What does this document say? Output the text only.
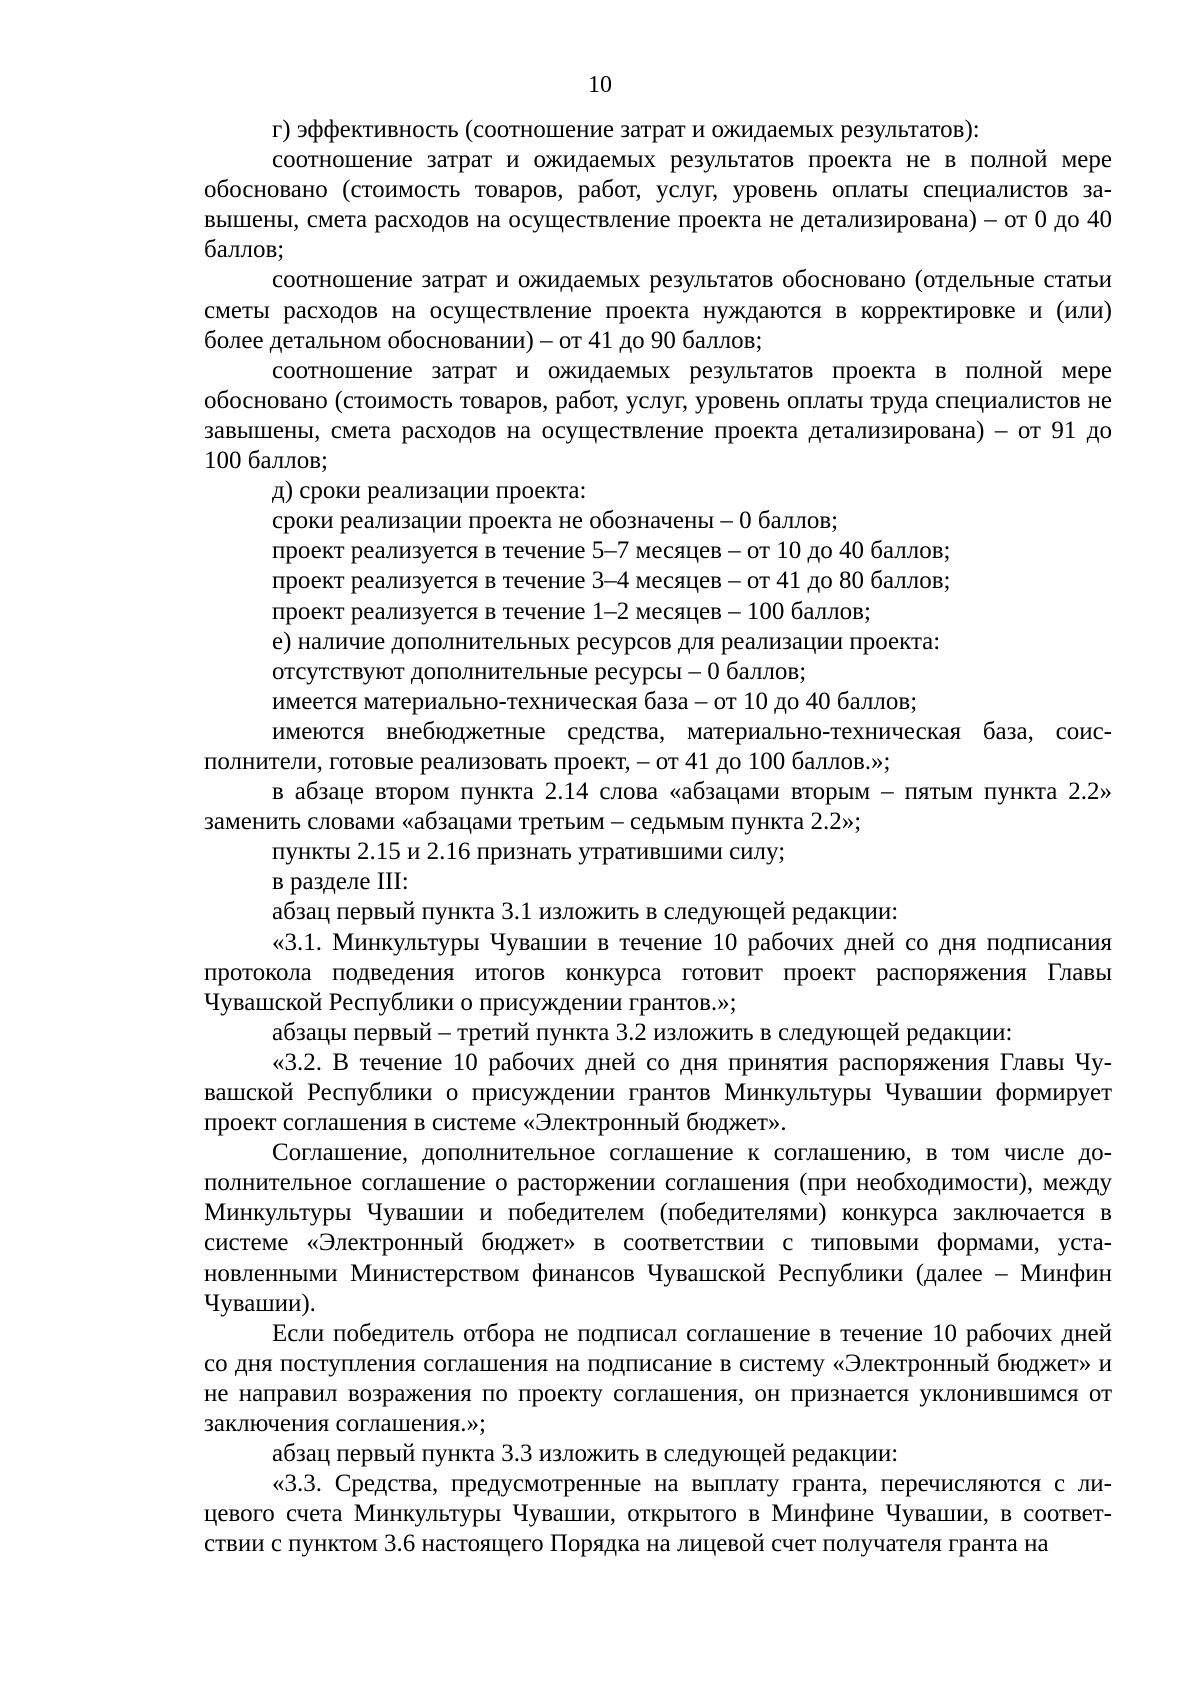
10

г) эффективность (соотношение затрат и ожидаемых результатов):

соотношение затрат и ожидаемых результатов проекта не в полной мере обосновано (стоимость товаров, работ, услуг, уровень оплаты специалистов завышены, смета расходов на осуществление проекта не детализирована) – от 0 до 40 баллов;

соотношение затрат и ожидаемых результатов обосновано (отдельные статьи сметы расходов на осуществление проекта нуждаются в корректировке и (или) более детальном обосновании) – от 41 до 90 баллов;

соотношение затрат и ожидаемых результатов проекта в полной мере обосновано (стоимость товаров, работ, услуг, уровень оплаты труда специалистов не завышены, смета расходов на осуществление проекта детализирована) – от 91 до 100 баллов;

д) сроки реализации проекта:

сроки реализации проекта не обозначены – 0 баллов;

проект реализуется в течение 5–7 месяцев – от 10 до 40 баллов;

проект реализуется в течение 3–4 месяцев – от 41 до 80 баллов;

проект реализуется в течение 1–2 месяцев – 100 баллов;

е) наличие дополнительных ресурсов для реализации проекта:

отсутствуют дополнительные ресурсы – 0 баллов;

имеется материально-техническая база – от 10 до 40 баллов;

имеются внебюджетные средства, материально-техническая база, соисполнители, готовые реализовать проект, – от 41 до 100 баллов.»;

в абзаце втором пункта 2.14 слова «абзацами вторым – пятым пункта 2.2» заменить словами «абзацами третьим – седьмым пункта 2.2»;

пункты 2.15 и 2.16 признать утратившими силу;

в разделе III:

абзац первый пункта 3.1 изложить в следующей редакции:

«3.1. Минкультуры Чувашии в течение 10 рабочих дней со дня подписания протокола подведения итогов конкурса готовит проект распоряжения Главы Чувашской Республики о присуждении грантов.»;

абзацы первый – третий пункта 3.2 изложить в следующей редакции:

«3.2. В течение 10 рабочих дней со дня принятия распоряжения Главы Чувашской Республики о присуждении грантов Минкультуры Чувашии формирует проект соглашения в системе «Электронный бюджет».

Соглашение, дополнительное соглашение к соглашению, в том числе дополнительное соглашение о расторжении соглашения (при необходимости), между Минкультуры Чувашии и победителем (победителями) конкурса заключается в системе «Электронный бюджет» в соответствии с типовыми формами, установленными Министерством финансов Чувашской Республики (далее – Минфин Чувашии).

Если победитель отбора не подписал соглашение в течение 10 рабочих дней со дня поступления соглашения на подписание в систему «Электронный бюджет» и не направил возражения по проекту соглашения, он признается уклонившимся от заключения соглашения.»;

абзац первый пункта 3.3 изложить в следующей редакции:

«3.3. Средства, предусмотренные на выплату гранта, перечисляются с лицевого счета Минкультуры Чувашии, открытого в Минфине Чувашии, в соответствии с пунктом 3.6 настоящего Порядка на лицевой счет получателя гранта на
